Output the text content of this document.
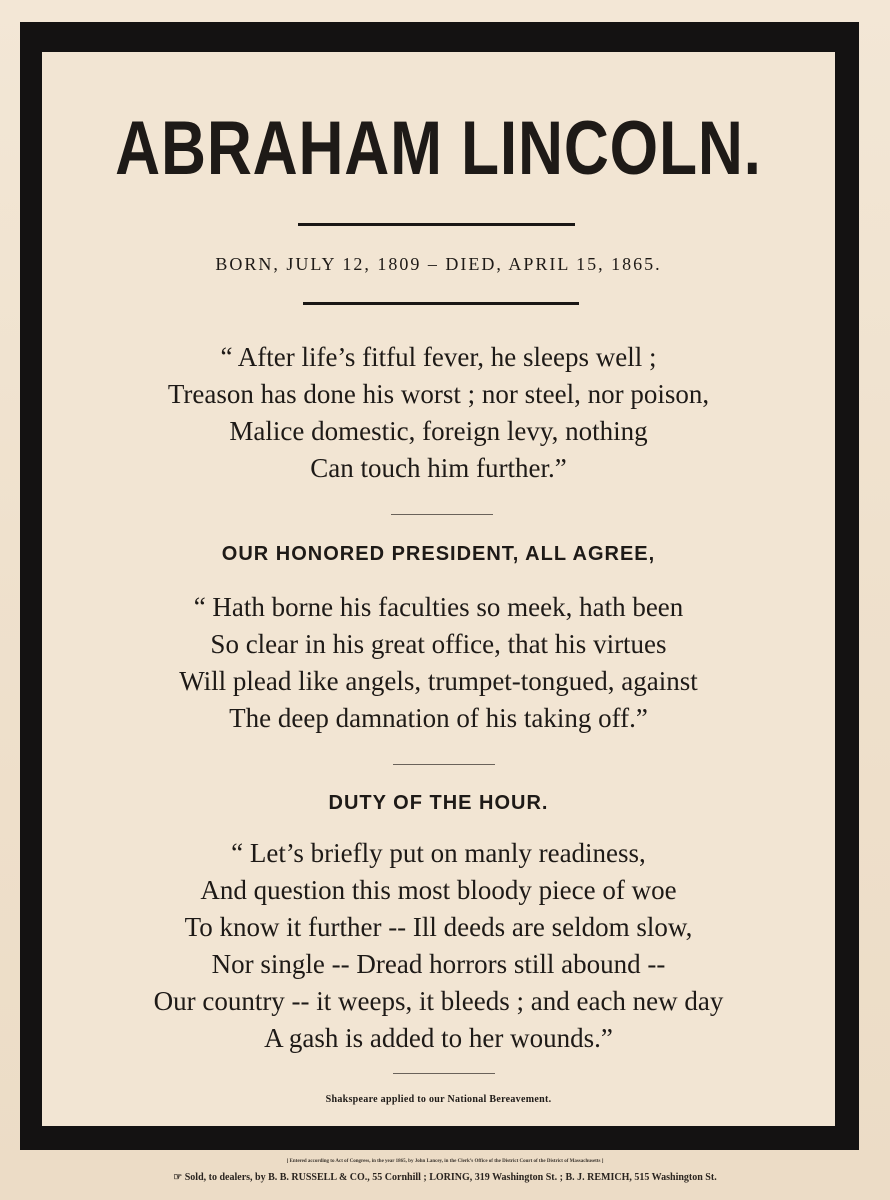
ABRAHAM LINCOLN.
BORN, JULY 12, 1809 – DIED, APRIL 15, 1865.
“ After life’s fitful fever, he sleeps well ;
Treason has done his worst ; nor steel, nor poison,
Malice domestic, foreign levy, nothing
Can touch him further.”
OUR HONORED PRESIDENT, ALL AGREE,
“ Hath borne his faculties so meek, hath been
So clear in his great office, that his virtues
Will plead like angels, trumpet-tongued, against
The deep damnation of his taking off.”
DUTY OF THE HOUR.
“ Let’s briefly put on manly readiness,
And question this most bloody piece of woe
To know it further -- Ill deeds are seldom slow,
Nor single -- Dread horrors still abound --
Our country -- it weeps, it bleeds ; and each new day
A gash is added to her wounds.”
Shakspeare applied to our National Bereavement.
[ Entered according to Act of Congress, in the year 1865, by John Lancey, in the Clerk’s Office of the District Court of the District of Massachusetts ]
☞ Sold, to dealers, by B. B. RUSSELL & CO., 55 Cornhill ; LORING, 319 Washington St. ; B. J. REMICH, 515 Washington St.
